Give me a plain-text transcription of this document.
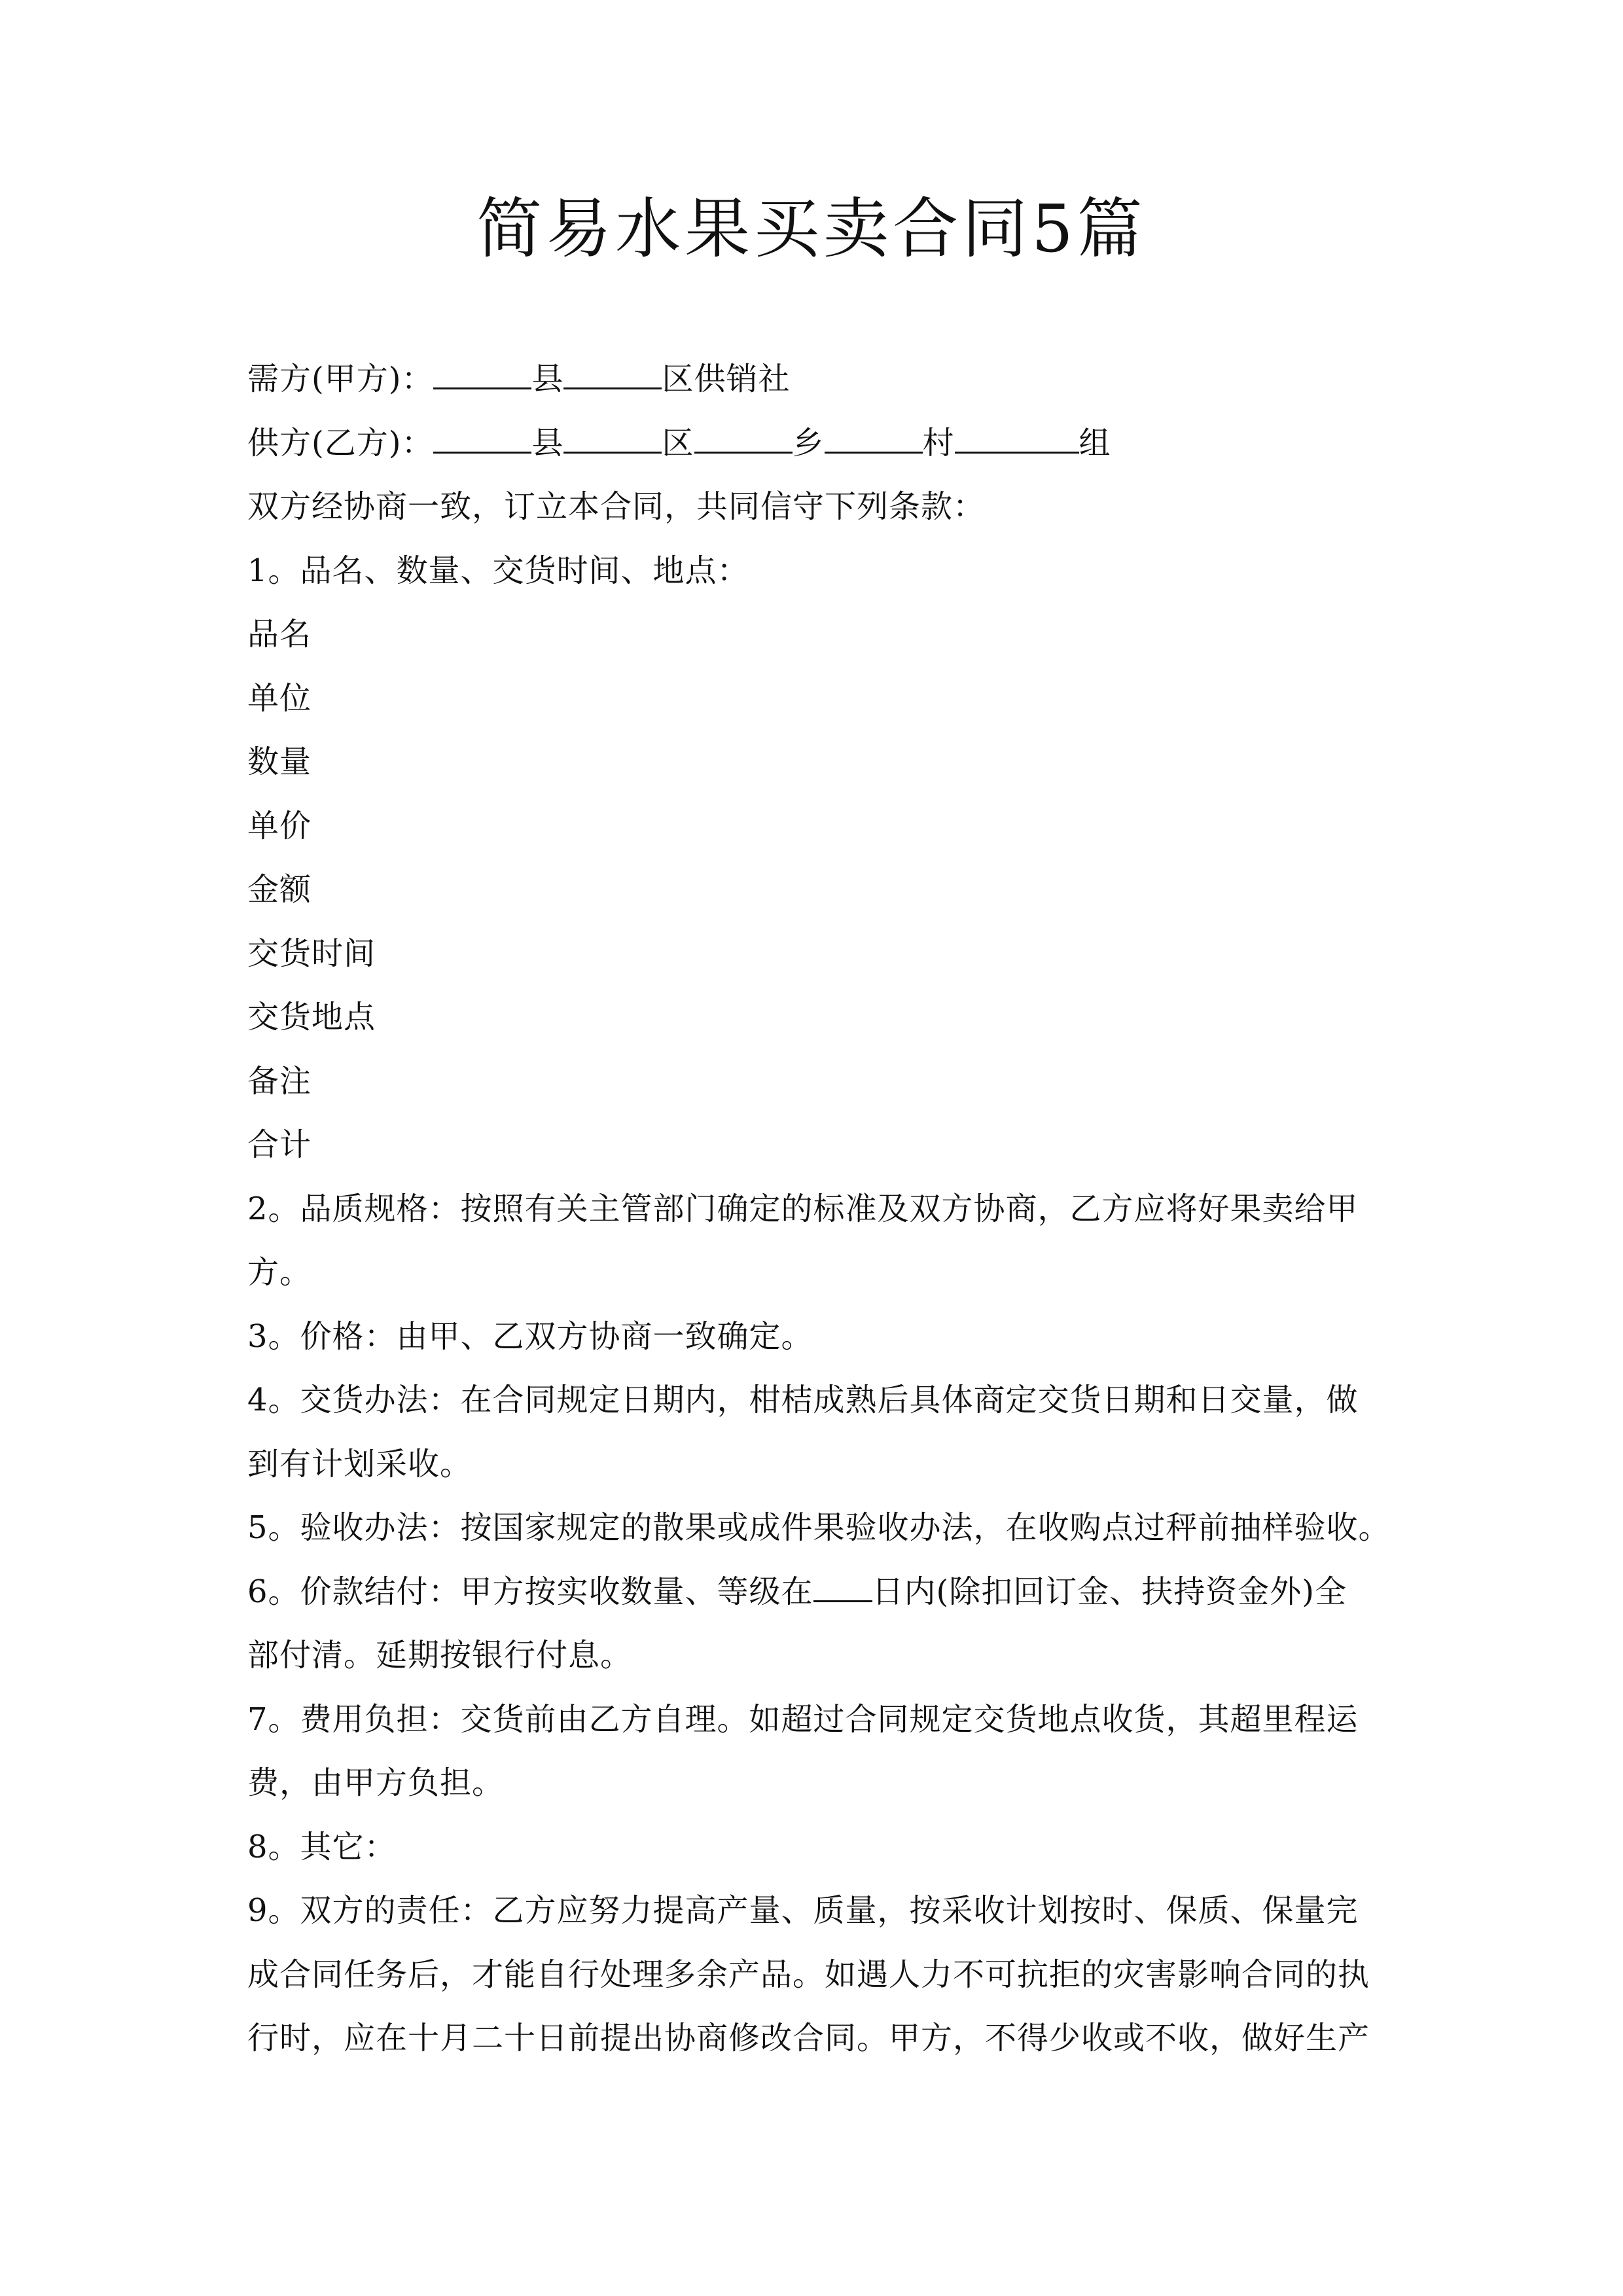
简易水果买卖合同5篇
需方(甲方)：	县	区供销社
供方(乙方)：	县	区	乡	村	组
双方经协商一致，订立本合同，共同信守下列条款：
1。品名、数量、交货时间、地点：
品名
单位
数量
单价
金额
交货时间
交货地点
备注
合计
2。品质规格：按照有关主管部门确定的标准及双方协商，乙方应将好果卖给甲
方。
3。价格：由甲、乙双方协商一致确定。
4。交货办法：在合同规定日期内，柑桔成熟后具体商定交货日期和日交量，做
到有计划采收。
5。验收办法：按国家规定的散果或成件果验收办法，在收购点过秤前抽样验收。
6。价款结付：甲方按实收数量、等级在 日内(除扣回订金、扶持资金外)全
部付清。延期按银行付息。
7。费用负担：交货前由乙方自理。如超过合同规定交货地点收货，其超里程运
费，由甲方负担。
8。其它：
9。双方的责任：乙方应努力提高产量、质量，按采收计划按时、保质、保量完
成合同任务后，才能自行处理多余产品。如遇人力不可抗拒的灾害影响合同的执
行时，应在十月二十日前提出协商修改合同。甲方，不得少收或不收，做好生产
